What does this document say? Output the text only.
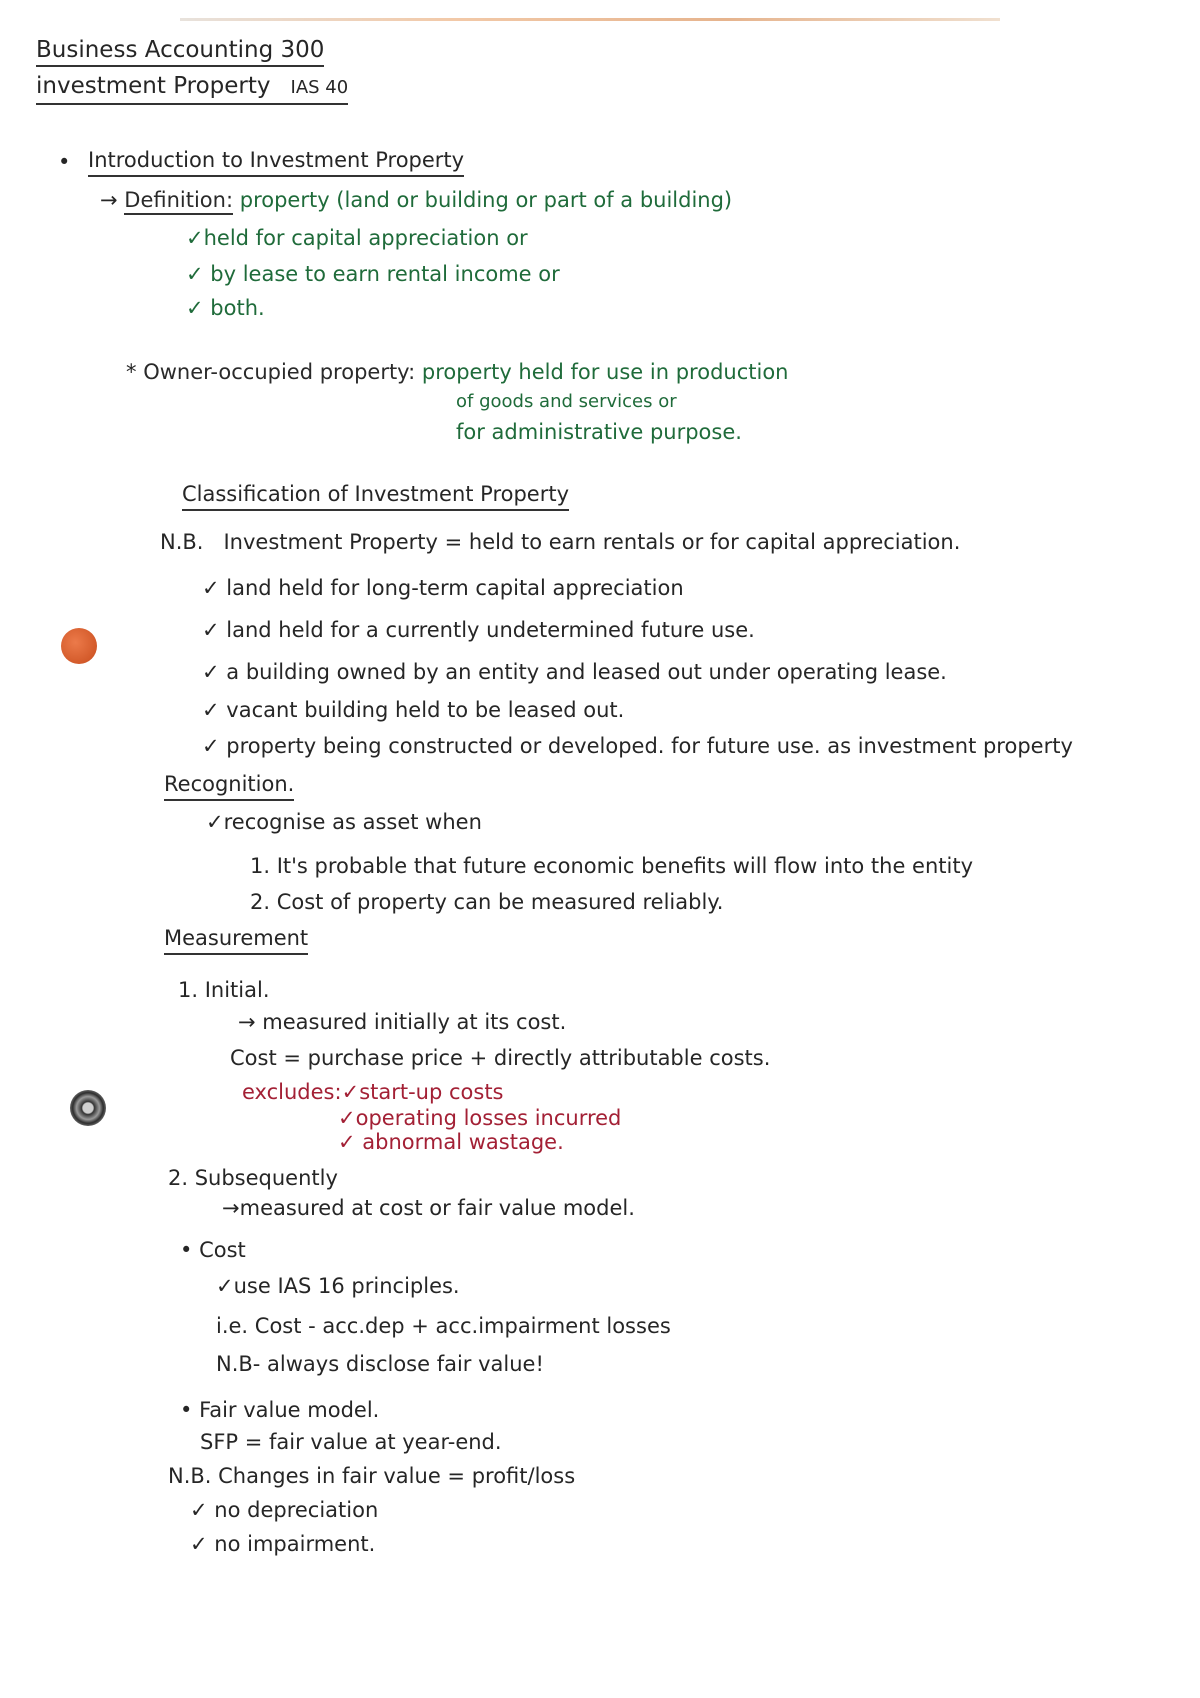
Business Accounting 300
investment Property IAS 40
• Introduction to Investment Property
→ Definition: property (land or building or part of a building)
✓held for capital appreciation or
✓ by lease to earn rental income or
✓ both.
* Owner-occupied property: property held for use in production
of goods and services or
for administrative purpose.
Classification of Investment Property
N.B. Investment Property = held to earn rentals or for capital appreciation.
✓ land held for long-term capital appreciation
✓ land held for a currently undetermined future use.
✓ a building owned by an entity and leased out under operating lease.
✓ vacant building held to be leased out.
✓ property being constructed or developed. for future use. as investment property
Recognition.
✓recognise as asset when
1. It's probable that future economic benefits will flow into the entity
2. Cost of property can be measured reliably.
Measurement
1. Initial.
→ measured initially at its cost.
Cost = purchase price + directly attributable costs.
excludes:✓start-up costs
✓operating losses incurred
✓ abnormal wastage.
2. Subsequently
→measured at cost or fair value model.
• Cost
✓use IAS 16 principles.
i.e. Cost - acc.dep + acc.impairment losses
N.B- always disclose fair value!
• Fair value model.
SFP = fair value at year-end.
N.B. Changes in fair value = profit/loss
✓ no depreciation
✓ no impairment.
